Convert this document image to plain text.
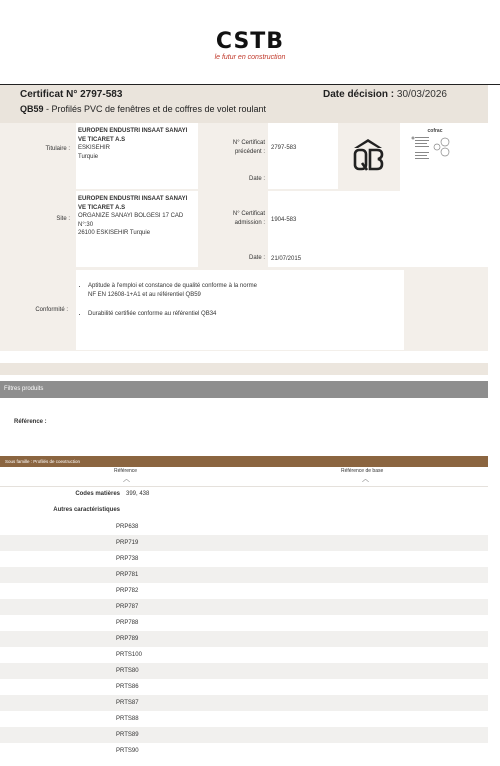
CSTB
le futur en construction
Certificat N° 2797-583	Date décision : 30/03/2026
QB59 - Profilés PVC de fenêtres et de coffres de volet roulant
Titulaire :
EUROPEN ENDUSTRI INSAAT SANAYI
VE TICARET A.S
ESKISEHIR
Turquie
N° Certificat
précédent :
2797-583
Date :
cofrac
Site :
EUROPEN ENDUSTRI INSAAT SANAYI
VE TICARET A.S
ORGANIZE SANAYI BOLGESI 17 CAD
N°:30
26100 ESKISEHIR Turquie
N° Certificat
admission : 1904-583
Date : 21/07/2015
Conformité :
• Aptitude à l'emploi et constance de qualité conforme à la norme
NF EN 12608-1+A1 et au référentiel QB59
• Durabilité certifiée conforme au référentiel QB34
Filtres produits
Référence :
Sous famille : Profilés de coextruction
Référence
︿
Référence de base
︿
Codes matières 399, 438
Autres caractéristiques
PRP638
PRP719
PRP738
PRP781
PRP782
PRP787
PRP788
PRP789
PRTS100
PRTS80
PRTS86
PRTS87
PRTS88
PRTS89
PRTS90
